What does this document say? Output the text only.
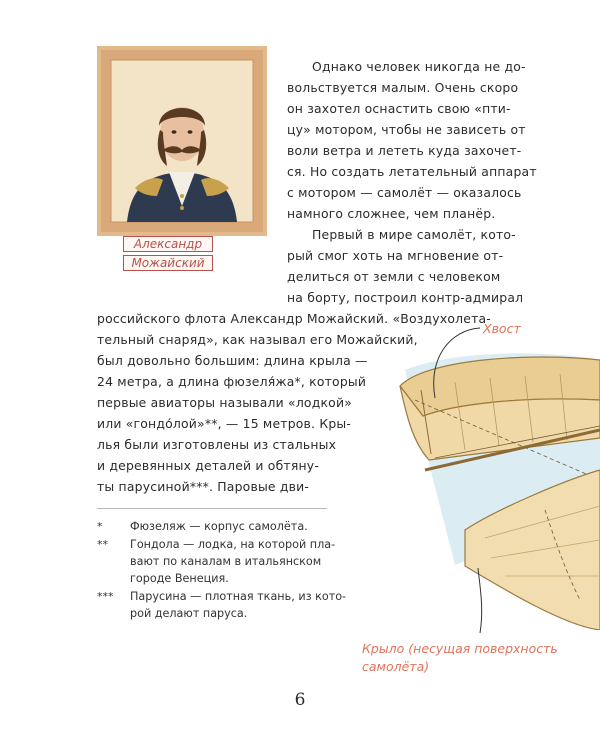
Александр
Можайский
Однако человек никогда не до-
вольствуется малым. Очень скоро
он захотел оснастить свою «пти-
цу» мотором, чтобы не зависеть от
воли ветра и лететь куда захочет-
ся. Но создать летательный аппарат
с мотором — самолёт — оказалось
намного сложнее, чем планёр.
Первый в мире самолёт, кото-
рый смог хоть на мгновение от-
делиться от земли с человеком
на борту, построил контр-адмирал
российского флота Александр Можайский. «Воздухолета-
тельный снаряд», как называл его Можайский,
был довольно большим: длина крыла —
24 метра, а длина фюзеля́жа*, который
первые авиаторы называли «лодкой»
или «гондо́лой»**, — 15 метров. Кры-
лья были изготовлены из стальных
и деревянных деталей и обтяну-
ты парусиной***. Паровые дви-
* Фюзеляж — корпус самолёта.
** Гондола — лодка, на которой пла-
вают по каналам в итальянском
городе Венеция.
*** Парусина — плотная ткань, из кото-
рой делают паруса.
Хвост
Крыло (несущая поверхность
самолёта)
6
